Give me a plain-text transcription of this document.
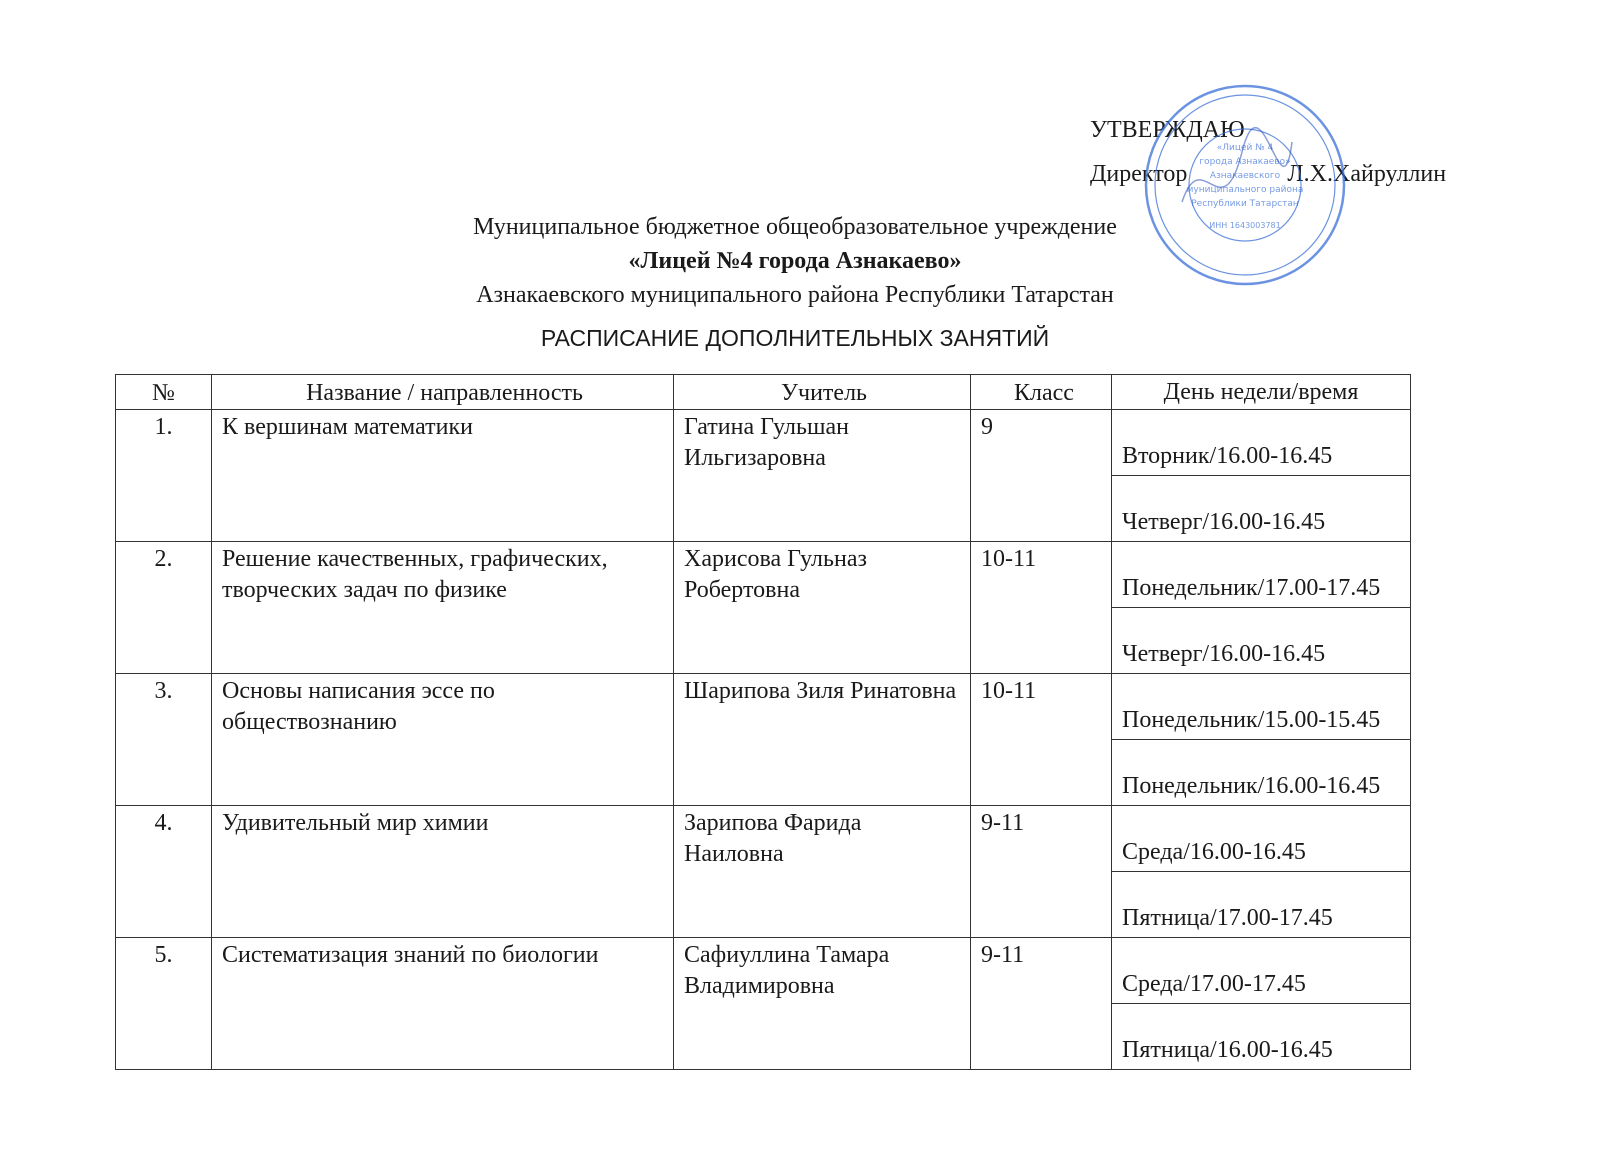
УТВЕРЖДАЮ
Директор	Л.Х.Хайруллин
«Лицей № 4
города Азнакаево»
Азнакаевского
муниципального района
Республики Татарстан
ИНН 1643003781
Муниципальное бюджетное общеобразовательное учреждение
«Лицей №4 города Азнакаево»
Азнакаевского муниципального района Республики Татарстан
РАСПИСАНИЕ ДОПОЛНИТЕЛЬНЫХ ЗАНЯТИЙ
№	Название / направленность	Учитель	Класс	День недели/время
1.	К вершинам математики	Гатина Гульшан Ильгизаровна	9	Вторник/16.00-16.45
				Четверг/16.00-16.45
2.	Решение качественных, графических, творческих задач по физике	Харисова Гульназ Робертовна	10-11	Понедельник/17.00-17.45
				Четверг/16.00-16.45
3.	Основы написания эссе по обществознанию	Шарипова Зиля Ринатовна	10-11	Понедельник/15.00-15.45
				Понедельник/16.00-16.45
4.	Удивительный мир химии	Зарипова Фарида Наиловна	9-11	Среда/16.00-16.45
				Пятница/17.00-17.45
5.	Систематизация знаний по биологии	Сафиуллина Тамара Владимировна	9-11	Среда/17.00-17.45
				Пятница/16.00-16.45
